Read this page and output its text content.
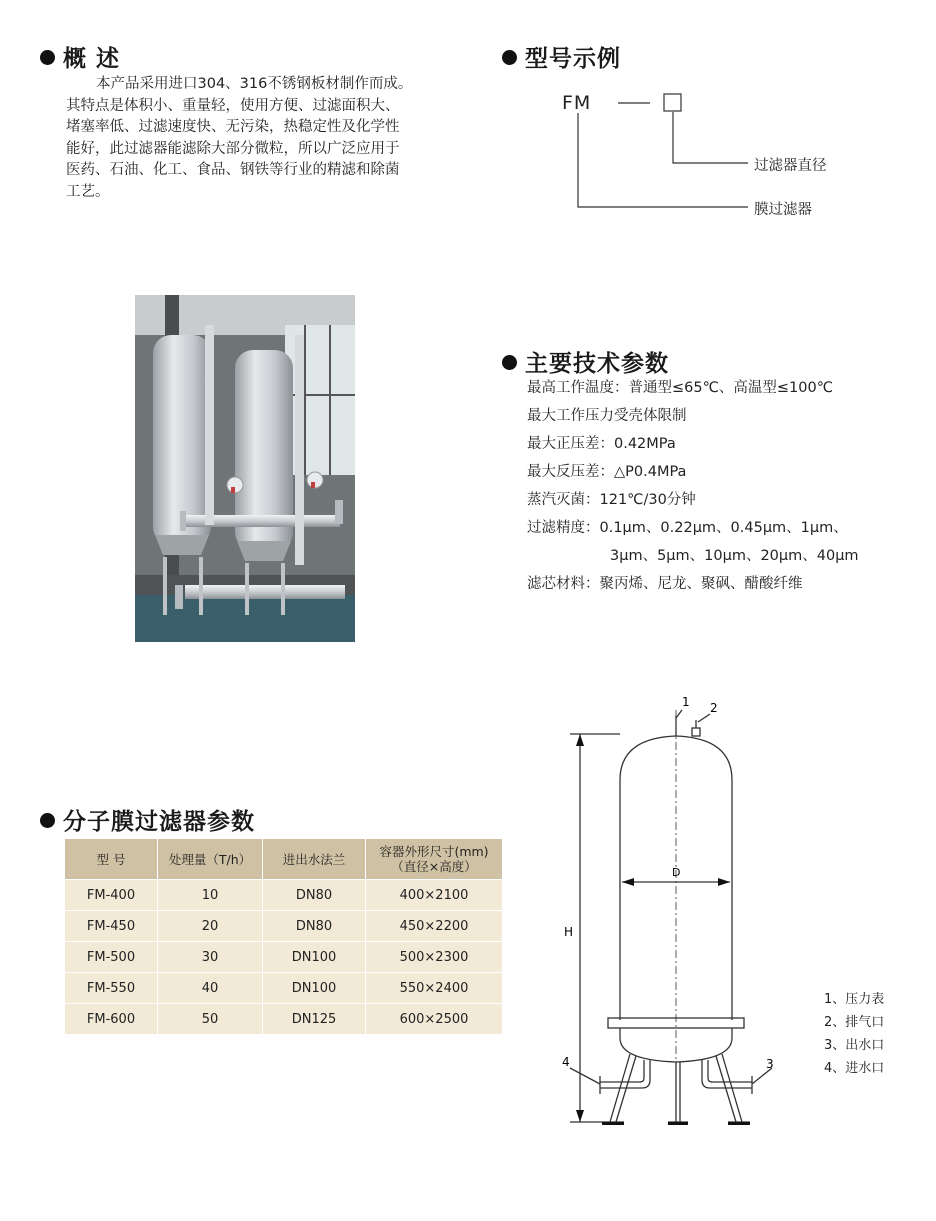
概 述
本产品采用进口304、316不锈钢板材制作而成。
其特点是体积小、重量轻，使用方便、过滤面积大、
堵塞率低、过滤速度快、无污染，热稳定性及化学性
能好，此过滤器能滤除大部分微粒，所以广泛应用于
医药、石油、化工、食品、钢铁等行业的精滤和除菌
工艺。
型号示例
FM
过滤器直径
膜过滤器
主要技术参数
最高工作温度：普通型≤65℃、高温型≤100℃
最大工作压力受壳体限制
最大正压差：0.42MPa
最大反压差：△P0.4MPa
蒸汽灭菌：121℃/30分钟
过滤精度：0.1μm、0.22μm、0.45μm、1μm、
3μm、5μm、10μm、20μm、40μm
滤芯材料：聚丙烯、尼龙、聚砜、醋酸纤维
分子膜过滤器参数
型 号	处理量（T/h）	进出水法兰	容器外形尺寸(mm)
（直径×高度）

FM-400	10	DN80	400×2100
FM-450	20	DN80	450×2200
FM-500	30	DN100	500×2300
FM-550	40	DN100	550×2400
FM-600	50	DN125	600×2500
1 2
3
4
D
H
1、压力表
2、排气口
3、出水口
4、进水口
